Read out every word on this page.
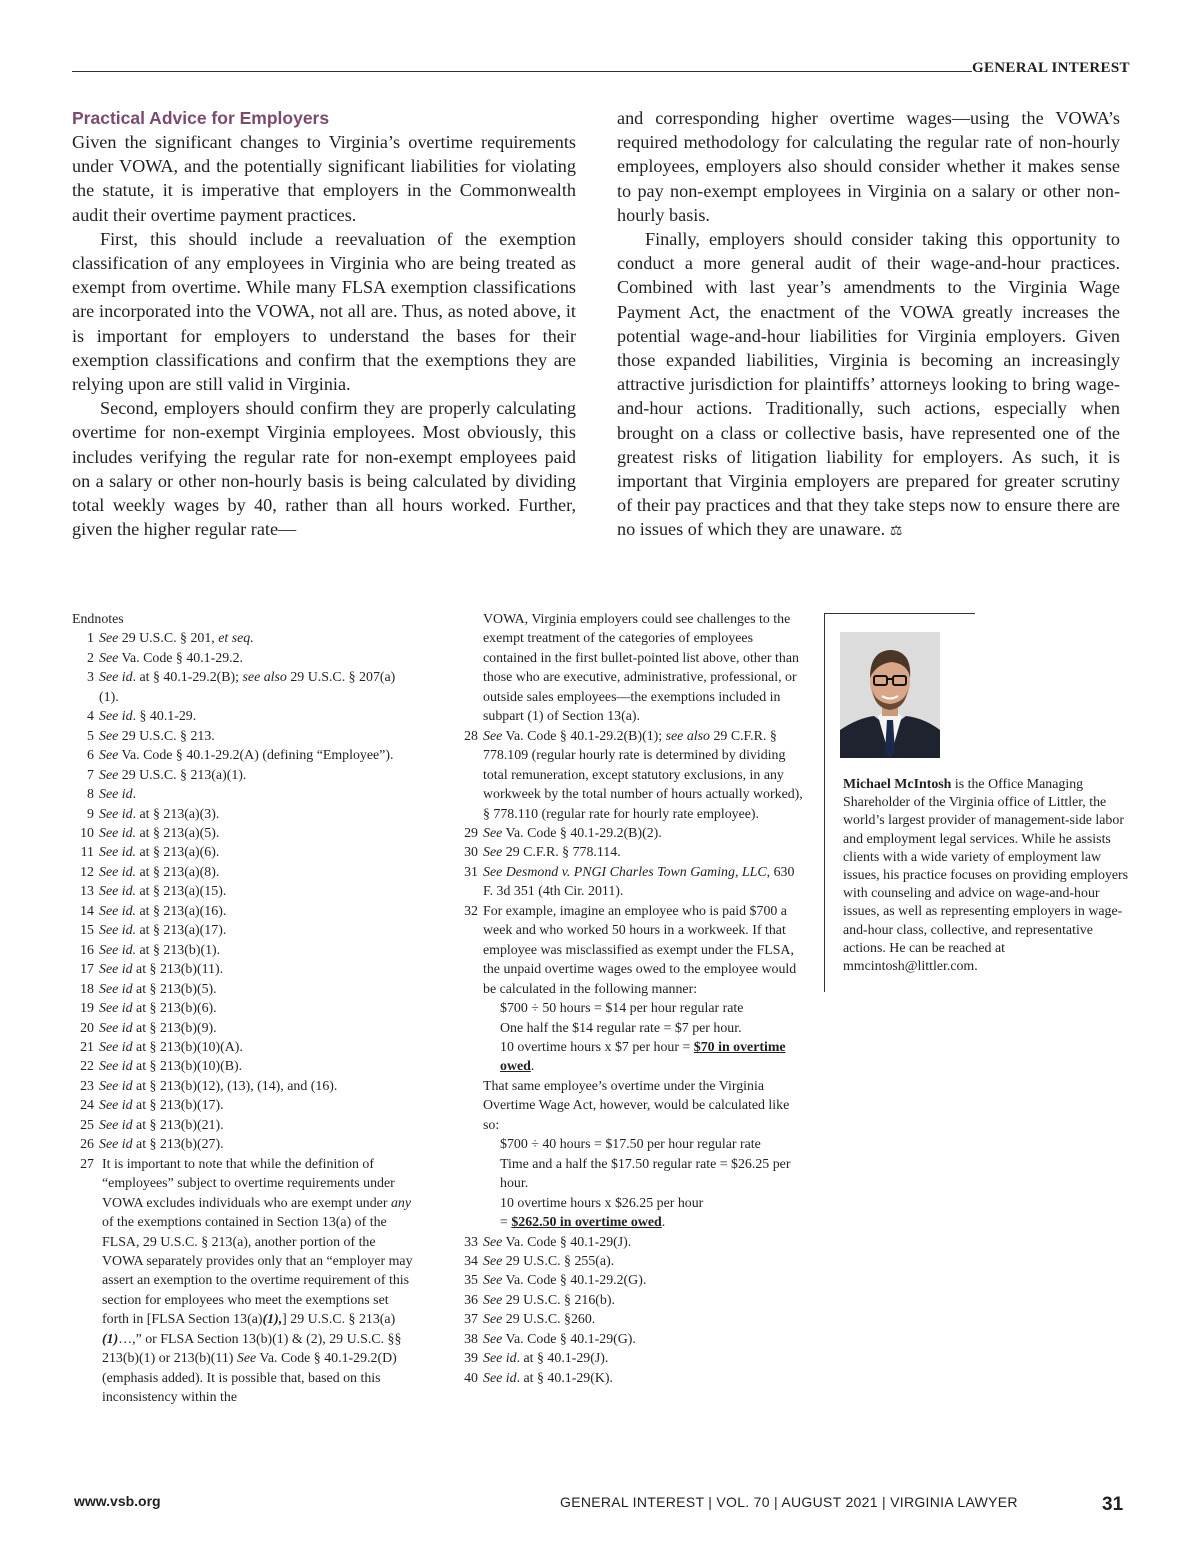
GENERAL INTEREST
Practical Advice for Employers

Given the significant changes to Virginia’s overtime requirements under VOWA, and the potentially significant liabilities for violating the statute, it is imperative that employers in the Commonwealth audit their overtime payment practices.

First, this should include a reevaluation of the exemption classification of any employees in Virginia who are being treated as exempt from overtime. While many FLSA exemption classifications are incorporated into the VOWA, not all are. Thus, as noted above, it is important for employers to understand the bases for their exemption classifications and confirm that the exemptions they are relying upon are still valid in Virginia.

Second, employers should confirm they are properly calculating overtime for non-exempt Virginia employees. Most obviously, this includes verifying the regular rate for non-exempt employees paid on a salary or other non-hourly basis is being calculated by dividing total weekly wages by 40, rather than all hours worked. Further, given the higher regular rate—

and corresponding higher overtime wages—using the VOWA’s required methodology for calculating the regular rate of non-hourly employees, employers also should consider whether it makes sense to pay non-exempt employees in Virginia on a salary or other non-hourly basis.

Finally, employers should consider taking this opportunity to conduct a more general audit of their wage-and-hour practices. Combined with last year’s amendments to the Virginia Wage Payment Act, the enactment of the VOWA greatly increases the potential wage-and-hour liabilities for Virginia employers. Given those expanded liabilities, Virginia is becoming an increasingly attractive jurisdiction for plaintiffs’ attorneys looking to bring wage-and-hour actions. Traditionally, such actions, especially when brought on a class or collective basis, have represented one of the greatest risks of litigation liability for employers. As such, it is important that Virginia employers are prepared for greater scrutiny of their pay practices and that they take steps now to ensure there are no issues of which they are unaware. ⚖

Endnotes

1 See 29 U.S.C. § 201, et seq.
2 See Va. Code § 40.1-29.2.
3 See id. at § 40.1-29.2(B); see also 29 U.S.C. § 207(a) (1).
4 See id. § 40.1-29.
5 See 29 U.S.C. § 213.
6 See Va. Code § 40.1-29.2(A) (defining “Employee”).
7 See 29 U.S.C. § 213(a)(1).
8 See id.
9 See id. at § 213(a)(3).
10 See id. at § 213(a)(5).
11 See id. at § 213(a)(6).
12 See id. at § 213(a)(8).
13 See id. at § 213(a)(15).
14 See id. at § 213(a)(16).
15 See id. at § 213(a)(17).
16 See id. at § 213(b)(1).
17 See id at § 213(b)(11).
18 See id at § 213(b)(5).
19 See id at § 213(b)(6).
20 See id at § 213(b)(9).
21 See id at § 213(b)(10)(A).
22 See id at § 213(b)(10)(B).
23 See id at § 213(b)(12), (13), (14), and (16).
24 See id at § 213(b)(17).
25 See id at § 213(b)(21).
26 See id at § 213(b)(27).
27 It is important to note that while the definition of “employees” subject to overtime requirements under VOWA excludes individuals who are exempt under any of the exemptions contained in Section 13(a) of the FLSA, 29 U.S.C. § 213(a), another portion of the VOWA separately provides only that an “employer may assert an exemption to the overtime requirement of this section for employees who meet the exemptions set forth in [FLSA Section 13(a)(1),] 29 U.S.C. § 213(a)(1)…,” or FLSA Section 13(b)(1) & (2), 29 U.S.C. §§ 213(b)(1) or 213(b)(11) See Va. Code § 40.1-29.2(D) (emphasis added). It is possible that, based on this inconsistency within the

VOWA, Virginia employers could see challenges to the exempt treatment of the categories of employees contained in the first bullet-pointed list above, other than those who are executive, administrative, professional, or outside sales employees—the exemptions included in subpart (1) of Section 13(a).

28 See Va. Code § 40.1-29.2(B)(1); see also 29 C.F.R. § 778.109 (regular hourly rate is determined by dividing total remuneration, except statutory exclusions, in any workweek by the total number of hours actually worked), § 778.110 (regular rate for hourly rate employee).
29 See Va. Code § 40.1-29.2(B)(2).
30 See 29 C.F.R. § 778.114.
31 See Desmond v. PNGI Charles Town Gaming, LLC, 630 F. 3d 351 (4th Cir. 2011).
32 For example, imagine an employee who is paid $700 a week and who worked 50 hours in a workweek. If that employee was misclassified as exempt under the FLSA, the unpaid overtime wages owed to the employee would be calculated in the following manner:

$700 ÷ 50 hours = $14 per hour regular rate

One half the $14 regular rate = $7 per hour.

10 overtime hours x $7 per hour = $70 in overtime owed.

That same employee’s overtime under the Virginia Overtime Wage Act, however, would be calculated like so:

$700 ÷ 40 hours = $17.50 per hour regular rate

Time and a half the $17.50 regular rate = $26.25 per hour.

10 overtime hours x $26.25 per hour

= $262.50 in overtime owed.

33 See Va. Code § 40.1-29(J).
34 See 29 U.S.C. § 255(a).
35 See Va. Code § 40.1-29.2(G).
36 See 29 U.S.C. § 216(b).
37 See 29 U.S.C. §260.
38 See Va. Code § 40.1-29(G).
39 See id. at § 40.1-29(J).
40 See id. at § 40.1-29(K).
Michael McIntosh is the Office Managing Shareholder of the Virginia office of Littler, the world’s largest provider of management-side labor and employment legal services. While he assists clients with a wide variety of employment law issues, his practice focuses on providing employers with counseling and advice on wage-and-hour issues, as well as representing employers in wage-and-hour class, collective, and representative actions. He can be reached at mmcintosh@littler.com.
www.vsb.org	GENERAL INTEREST | VOL. 70 | AUGUST 2021 | VIRGINIA LAWYER	31
